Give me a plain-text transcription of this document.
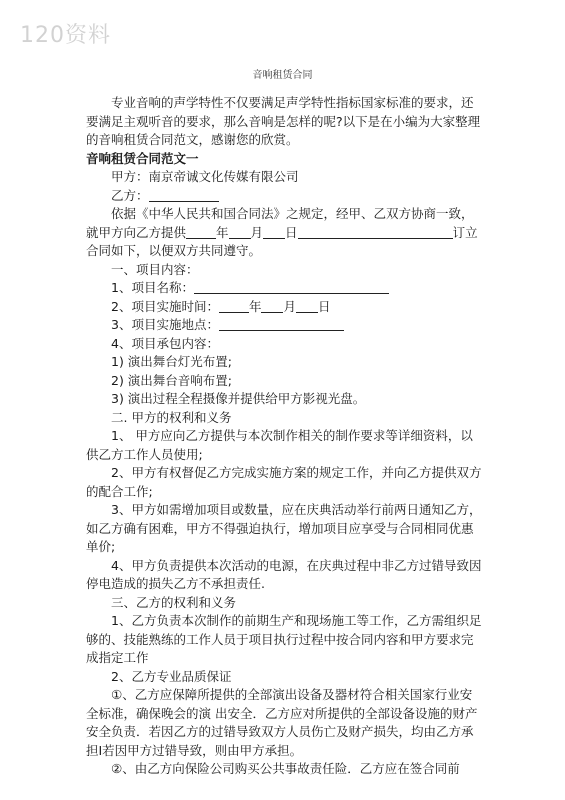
120资料
音响租赁合同

专业音响的声学特性不仅要满足声学特性指标国家标准的要求，还要满足主观听音的要求，那么音响是怎样的呢?以下是在小编为大家整理的音响租赁合同范文，感谢您的欣赏。

音响租赁合同范文一

甲方：南京帝诚文化传媒有限公司

乙方：

依据《中华人民共和国合同法》之规定，经甲、乙双方协商一致，就甲方向乙方提供 年 月 日	订立合同如下，以便双方共同遵守。

一、项目内容：

1、项目名称：

2、项目实施时间： 年 月 日

3、项目实施地点：

4、项目承包内容：

1) 演出舞台灯光布置;

2) 演出舞台音响布置;

3) 演出过程全程摄像并提供给甲方影视光盘。

二. 甲方的权利和义务

1、 甲方应向乙方提供与本次制作相关的制作要求等详细资料，以供乙方工作人员使用;

2、甲方有权督促乙方完成实施方案的规定工作，并向乙方提供双方的配合工作;

3、甲方如需增加项目或数量，应在庆典活动举行前两日通知乙方，如乙方确有困难，甲方不得强迫执行，增加项目应享受与合同相同优惠单价;

4、甲方负责提供本次活动的电源，在庆典过程中非乙方过错导致因停电造成的损失乙方不承担责任.

三、乙方的权利和义务

1、乙方负责本次制作的前期生产和现场施工等工作，乙方需组织足够的、技能熟练的工作人员于项目执行过程中按合同内容和甲方要求完成指定工作

2、乙方专业品质保证

①、乙方应保障所提供的全部演出设备及器材符合相关国家行业安全标准，确保晚会的演 出安全．乙方应对所提供的全部设备设施的财产安全负责．若因乙方的过错导致双方人员伤亡及财产损失，均由乙方承担I若因甲方过错导致，则由甲方承担。

②、由乙方向保险公司购买公共事故责任险．乙方应在签合同前
